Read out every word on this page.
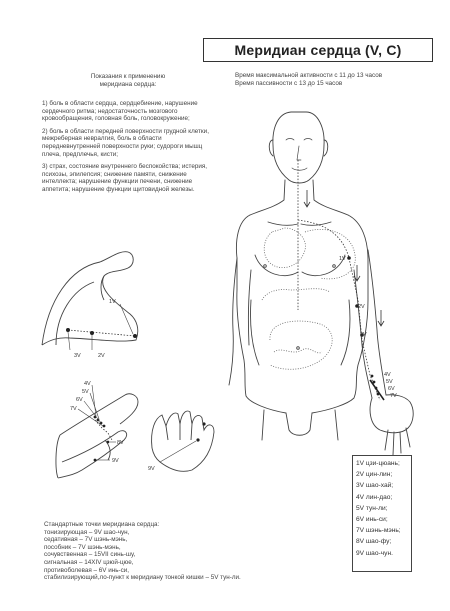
Меридиан сердца (V, C)
Показания к применению
меридиана сердца:

1) боль в области сердца, сердцебиение, нарушение сердечного ритма; недостаточность мозгового кровообращения, головная боль, головокружение;

2) боль в области передней поверхности грудной клетки, межреберная невралгия, боль в области передневнутренней поверхности руки; судороги мышц плеча, предплечья, кисти;

3) страх, состояние внутреннего беспокойства; истерия, психозы, эпилепсия; снижение памяти, снижение интеллекта; нарушение функции печени, снижение аппетита; нарушение функции щитовидной железы.

Время максимальной активности с 11 до 13 часов
Время пассивности с 13 до 15 часов
1V
2V
3V
4V
5V
6V
7V
1V
3V	2V
4V
5V
6V
7V
8V
9V
9V
1V цзи-цюань;
2V цин-лин;
3V шао-хай;
4V лин-дао;
5V тун-ли;
6V инь-си;
7V шэнь-мэнь;
8V шао-фу;
9V шао-чун.
Стандартные точки меридиана сердца:
тонизирующая – 9V шао-чун,
седативная – 7V шэнь-мэнь,
пособник – 7V шэнь-мэнь,
сочувственная – 15VII синь-шу,
сигнальная – 14XIV цзюй-цюе,
противоболевая – 6V инь-си,
стабилизирующий,ло-пункт к меридиану тонкой кишки – 5V тун-ли.
